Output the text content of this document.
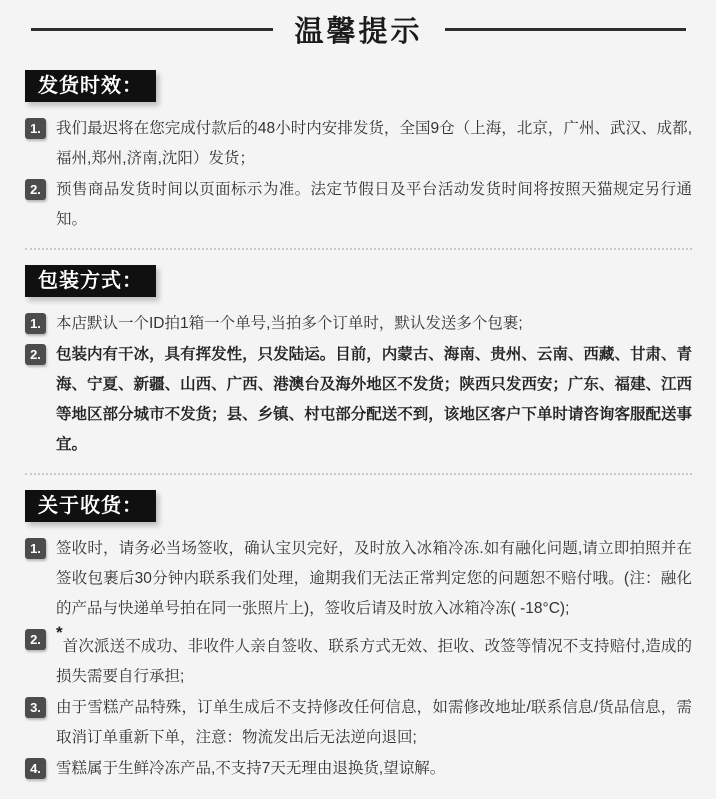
温馨提示
发货时效：
1. 我们最迟将在您完成付款后的48小时内安排发货，全国9仓（上海，北京，广州、武汉、成都,福州,郑州,济南,沈阳）发货；

2. 预售商品发货时间以页面标示为准。法定节假日及平台活动发货时间将按照天猫规定另行通知。

包装方式：
1. 本店默认一个ID拍1箱一个单号,当拍多个订单时，默认发送多个包裹;

2. 包装内有干冰，具有挥发性，只发陆运。目前，内蒙古、海南、贵州、云南、西藏、甘肃、青海、宁夏、新疆、山西、广西、港澳台及海外地区不发货；陕西只发西安；广东、福建、江西等地区部分城市不发货；县、乡镇、村屯部分配送不到，该地区客户下单时请咨询客服配送事宜。

关于收货：
1. 签收时，请务必当场签收，确认宝贝完好，及时放入冰箱冷冻.如有融化问题,请立即拍照并在签收包裹后30分钟内联系我们处理，逾期我们无法正常判定您的问题恕不赔付哦。(注：融化的产品与快递单号拍在同一张照片上)，签收后请及时放入冰箱冷冻( -18°C);

2. *首次派送不成功、非收件人亲自签收、联系方式无效、拒收、改签等情况不支持赔付,造成的损失需要自行承担;

3. 由于雪糕产品特殊，订单生成后不支持修改任何信息，如需修改地址/联系信息/货品信息，需取消订单重新下单，注意：物流发出后无法逆向退回;

4. 雪糕属于生鲜冷冻产品,不支持7天无理由退换货,望谅解。
